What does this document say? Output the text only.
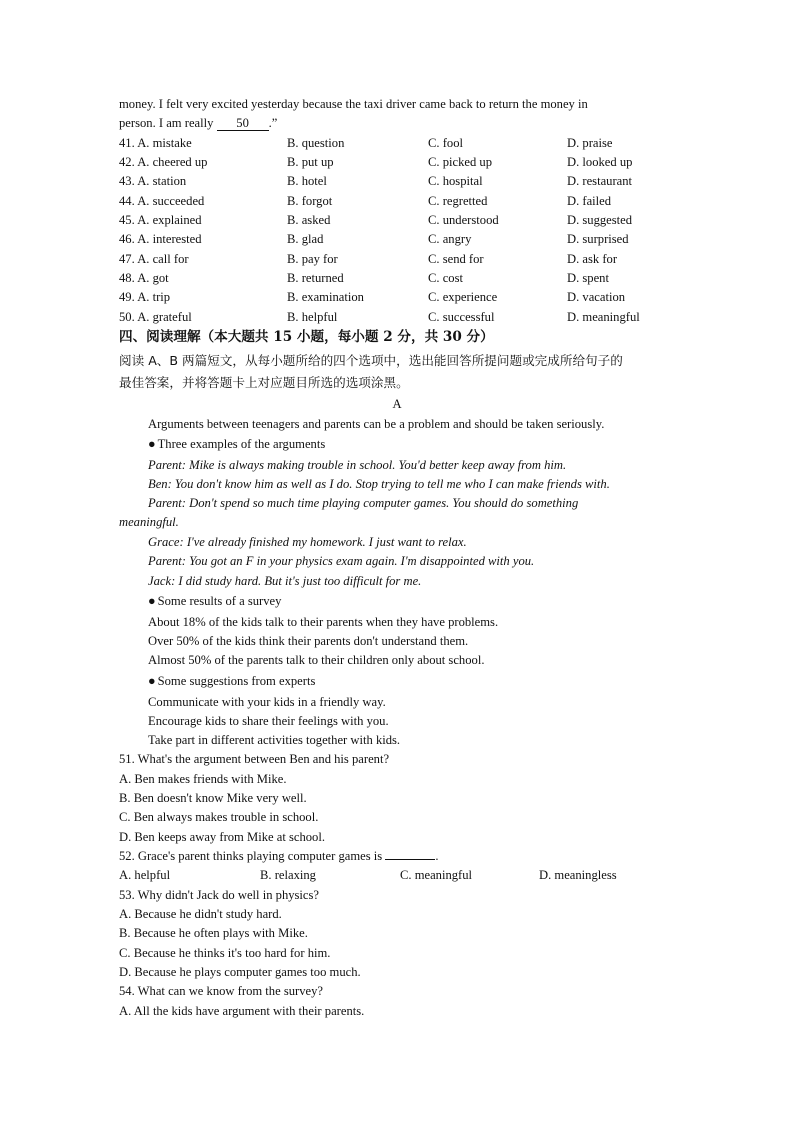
money. I felt very excited yesterday because the taxi driver came back to return the money in
person. I am really 50 .”
41. A. mistake	B. question	C. fool	D. praise
42. A. cheered up	B. put up	C. picked up	D. looked up
43. A. station	B. hotel	C. hospital	D. restaurant
44. A. succeeded	B. forgot	C. regretted	D. failed
45. A. explained	B. asked	C. understood	D. suggested
46. A. interested	B. glad	C. angry	D. surprised
47. A. call for	B. pay for	C. send for	D. ask for
48. A. got	B. returned	C. cost	D. spent
49. A. trip	B. examination	C. experience	D. vacation
50. A. grateful	B. helpful	C. successful	D. meaningful
四、阅读理解（本大题共 15 小题，每小题 2 分，共 30 分）
阅读 A、B 两篇短文，从每小题所给的四个选项中，选出能回答所提问题或完成所给句子的
最佳答案，并将答题卡上对应题目所选的选项涂黑。
A
Arguments between teenagers and parents can be a problem and should be taken seriously.
● Three examples of the arguments
Parent: Mike is always making trouble in school. You'd better keep away from him.
Ben: You don't know him as well as I do. Stop trying to tell me who I can make friends with.
Parent: Don't spend so much time playing computer games. You should do something
meaningful.
Grace: I've already finished my homework. I just want to relax.
Parent: You got an F in your physics exam again. I'm disappointed with you.
Jack: I did study hard. But it's just too difficult for me.
● Some results of a survey
About 18% of the kids talk to their parents when they have problems.
Over 50% of the kids think their parents don't understand them.
Almost 50% of the parents talk to their children only about school.
● Some suggestions from experts
Communicate with your kids in a friendly way.
Encourage kids to share their feelings with you.
Take part in different activities together with kids.
51. What's the argument between Ben and his parent?
A. Ben makes friends with Mike.
B. Ben doesn't know Mike very well.
C. Ben always makes trouble in school.
D. Ben keeps away from Mike at school.
52. Grace's parent thinks playing computer games is	.
A. helpful	B. relaxing	C. meaningful	D. meaningless
53. Why didn't Jack do well in physics?
A. Because he didn't study hard.
B. Because he often plays with Mike.
C. Because he thinks it's too hard for him.
D. Because he plays computer games too much.
54. What can we know from the survey?
A. All the kids have argument with their parents.
